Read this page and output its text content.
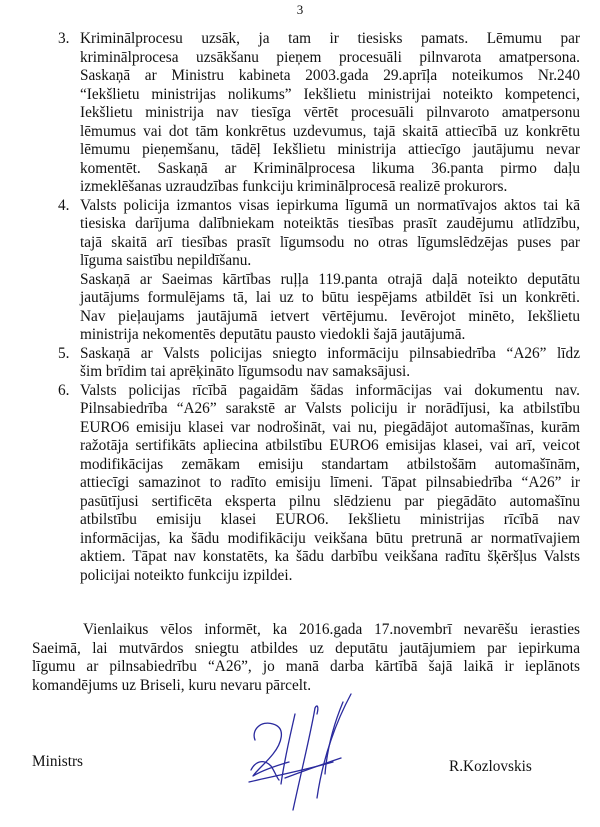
3
3. Kriminālprocesu uzsāk, ja tam ir tiesisks pamats. Lēmumu par
kriminālprocesa uzsākšanu pieņem procesuāli pilnvarota amatpersona.
Saskaņā ar Ministru kabineta 2003.gada 29.aprīļa noteikumos Nr.240
“Iekšlietu ministrijas nolikums” Iekšlietu ministrijai noteikto kompetenci,
Iekšlietu ministrija nav tiesīga vērtēt procesuāli pilnvaroto amatpersonu
lēmumus vai dot tām konkrētus uzdevumus, tajā skaitā attiecībā uz konkrētu
lēmumu pieņemšanu, tādēļ Iekšlietu ministrija attiecīgo jautājumu nevar
komentēt. Saskaņā ar Kriminālprocesa likuma 36.panta pirmo daļu
izmeklēšanas uzraudzības funkciju kriminālprocesā realizē prokurors.
4. Valsts policija izmantos visas iepirkuma līgumā un normatīvajos aktos tai kā
tiesiska darījuma dalībniekam noteiktās tiesības prasīt zaudējumu atlīdzību,
tajā skaitā arī tiesības prasīt līgumsodu no otras līgumslēdzējas puses par
līguma saistību nepildīšanu.
Saskaņā ar Saeimas kārtības ruļļa 119.panta otrajā daļā noteikto deputātu
jautājums formulējams tā, lai uz to būtu iespējams atbildēt īsi un konkrēti.
Nav pieļaujams jautājumā ietvert vērtējumu. Ievērojot minēto, Iekšlietu
ministrija nekomentēs deputātu pausto viedokli šajā jautājumā.
5. Saskaņā ar Valsts policijas sniegto informāciju pilnsabiedrība “A26” līdz
šim brīdim tai aprēķināto līgumsodu nav samaksājusi.
6. Valsts policijas rīcībā pagaidām šādas informācijas vai dokumentu nav.
Pilnsabiedrība “A26” sarakstē ar Valsts policiju ir norādījusi, ka atbilstību
EURO6 emisiju klasei var nodrošināt, vai nu, piegādājot automašīnas, kurām
ražotāja sertifikāts apliecina atbilstību EURO6 emisijas klasei, vai arī, veicot
modifikācijas zemākam emisiju standartam atbilstošām automašīnām,
attiecīgi samazinot to radīto emisiju līmeni. Tāpat pilnsabiedrība “A26” ir
pasūtījusi sertificēta eksperta pilnu slēdzienu par piegādāto automašīnu
atbilstību emisiju klasei EURO6. Iekšlietu ministrijas rīcībā nav
informācijas, ka šādu modifikāciju veikšana būtu pretrunā ar normatīvajiem
aktiem. Tāpat nav konstatēts, ka šādu darbību veikšana radītu šķēršļus Valsts
policijai noteikto funkciju izpildei.
Vienlaikus vēlos informēt, ka 2016.gada 17.novembrī nevarēšu ierasties
Saeimā, lai mutvārdos sniegtu atbildes uz deputātu jautājumiem par iepirkuma
līgumu ar pilnsabiedrību “A26”, jo manā darba kārtībā šajā laikā ir ieplānots
komandējums uz Briseli, kuru nevaru pārcelt.
Ministrs	R.Kozlovskis
